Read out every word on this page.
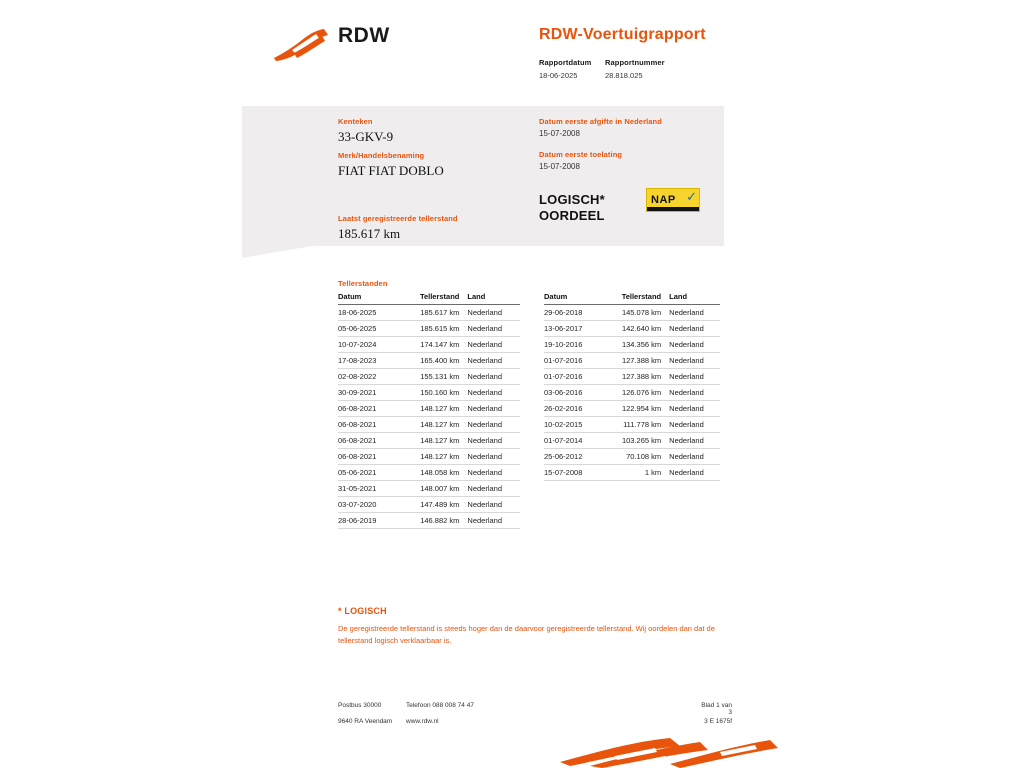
RDW	RDW-Voertuigrapport
Rapportdatum
18-06-2025
Rapportnummer
28.818.025
Kenteken
33-GKV-9
Merk/Handelsbenaming
FIAT FIAT DOBLO
Laatst geregistreerde tellerstand
185.617 km
Datum eerste afgifte in Nederland
15-07-2008
Datum eerste toelating
15-07-2008
LOGISCH*
OORDEEL
NAP ✓
Tellerstanden
Datum	Tellerstand	Land
18-06-2025	185.617 km	Nederland
05-06-2025	185.615 km	Nederland
10-07-2024	174.147 km	Nederland
17-08-2023	165.400 km	Nederland
02-08-2022	155.131 km	Nederland
30-09-2021	150.160 km	Nederland
06-08-2021	148.127 km	Nederland
06-08-2021	148.127 km	Nederland
06-08-2021	148.127 km	Nederland
06-08-2021	148.127 km	Nederland
05-06-2021	148.058 km	Nederland
31-05-2021	148.007 km	Nederland
03-07-2020	147.489 km	Nederland
28-06-2019	146.882 km	Nederland
Datum	Tellerstand	Land
29-06-2018	145.078 km	Nederland
13-06-2017	142.640 km	Nederland
19-10-2016	134.356 km	Nederland
01-07-2016	127.388 km	Nederland
01-07-2016	127.388 km	Nederland
03-06-2016	126.076 km	Nederland
26-02-2016	122.954 km	Nederland
10-02-2015	111.778 km	Nederland
01-07-2014	103.265 km	Nederland
25-06-2012	70.108 km	Nederland
15-07-2008	1 km	Nederland
* LOGISCH
De geregistreerde tellerstand is steeds hoger dan de daarvoor geregistreerde tellerstand. Wij oordelen dan dat de tellerstand logisch verklaarbaar is.
Postbus 30000	Telefoon 088 008 74 47
9640 RA Veendam www.rdw.nl
Blad 1 van 3
3 E 1675f
